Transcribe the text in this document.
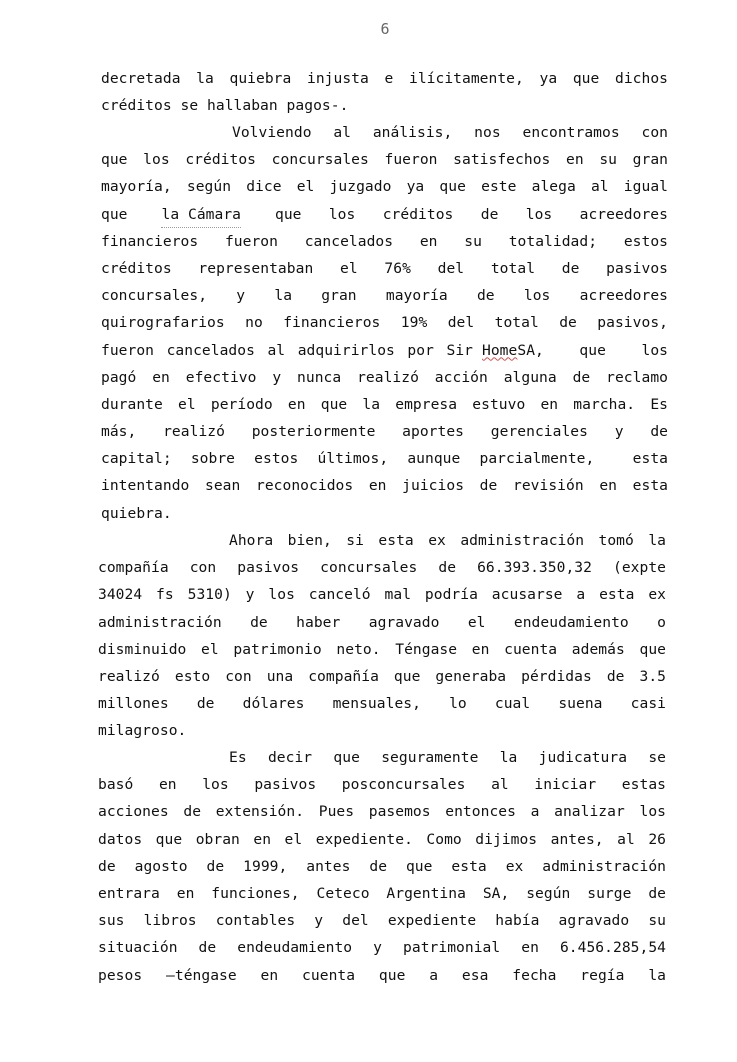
6
decretada la quiebra injusta e ilícitamente, ya que dichos
créditos se hallaban pagos-.
Volviendo al análisis, nos encontramos con
que los créditos concursales fueron satisfechos en su gran
mayoría, según dice el juzgado ya que este alega al igual
que la Cámara que los créditos de los acreedores
financieros fueron cancelados en su totalidad; estos
créditos representaban el 76% del total de pasivos
concursales, y la gran mayoría de los acreedores
quirografarios no financieros 19% del total de pasivos,
fueron cancelados al adquirirlos por Sir Home SA, que los
pagó en efectivo y nunca realizó acción alguna de reclamo
durante el período en que la empresa estuvo en marcha. Es
más, realizó posteriormente aportes gerenciales y de
capital; sobre estos últimos, aunque parcialmente,  esta
intentando sean reconocidos en juicios de revisión en esta
quiebra.
Ahora bien, si esta ex administración tomó la
compañía con pasivos concursales de 66.393.350,32 (expte
34024 fs 5310) y los canceló mal podría acusarse a esta ex
administración de haber agravado el endeudamiento o
disminuido el patrimonio neto. Téngase en cuenta además que
realizó esto con una compañía que generaba pérdidas de 3.5
millones de dólares mensuales, lo cual suena casi
milagroso.
Es decir que seguramente la judicatura se
basó en los pasivos posconcursales al iniciar estas
acciones de extensión. Pues pasemos entonces a analizar los
datos que obran en el expediente. Como dijimos antes, al 26
de agosto de 1999, antes de que esta ex administración
entrara en funciones, Ceteco Argentina SA, según surge de
sus libros contables y del expediente había agravado su
situación de endeudamiento y patrimonial en 6.456.285,54
pesos –téngase en cuenta que a esa fecha regía la
